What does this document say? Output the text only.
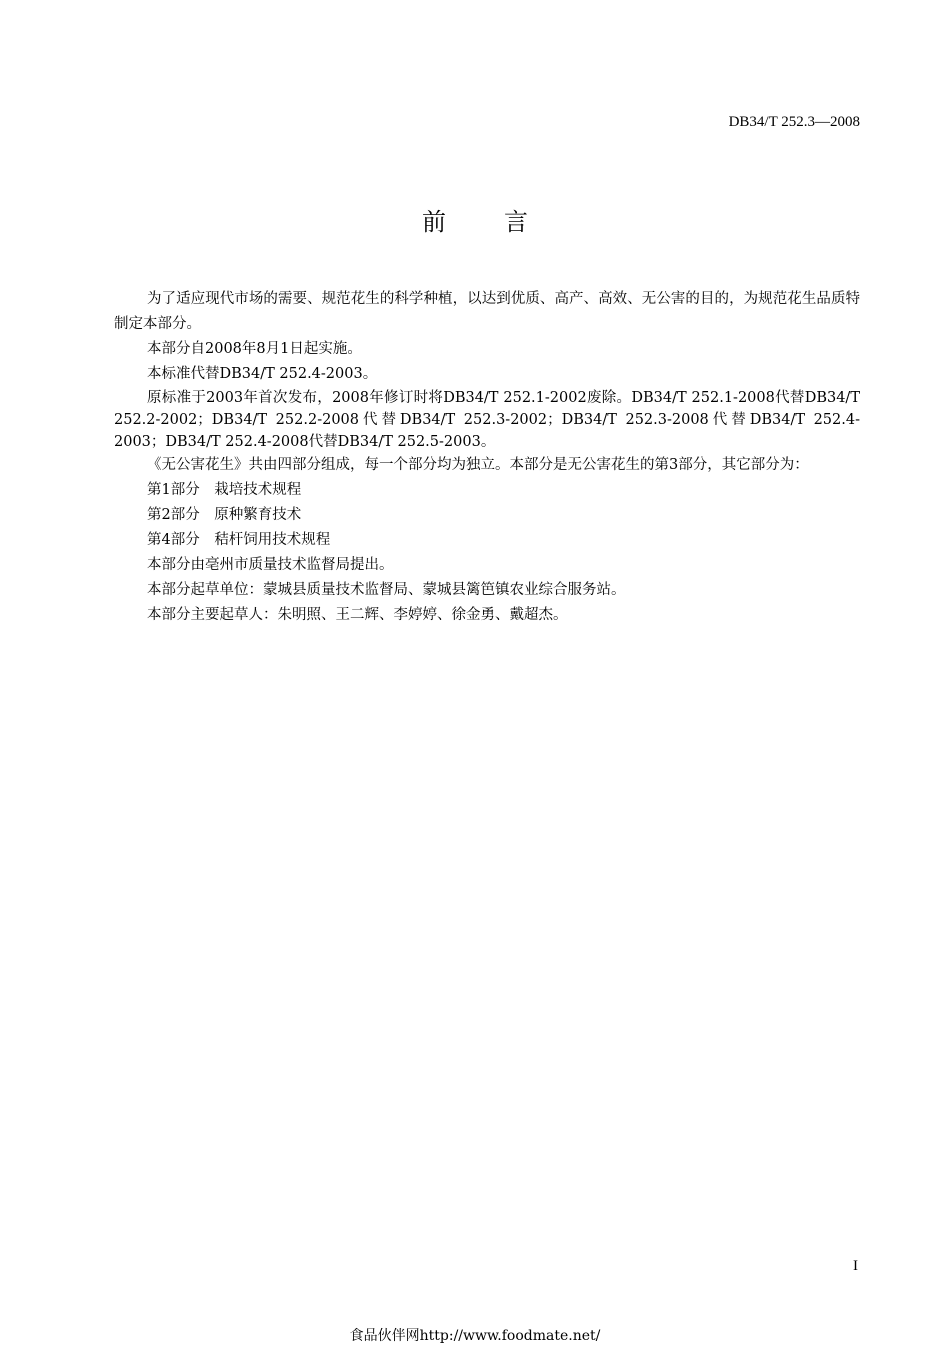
DB34/T 252.3—2008
前言

为了适应现代市场的需要、规范花生的科学种植，以达到优质、高产、高效、无公害的目的，为规范花生品质特制定本部分。

本部分自2008年8月1日起实施。

本标准代替DB34/T 252.4-2003。

原标准于2003年首次发布，2008年修订时将DB34/T 252.1-2002废除。DB34/T 252.1-2008代替DB34/T 252.2-2002；DB34/T 252.2-2008代替DB34/T 252.3-2002；DB34/T 252.3-2008代替DB34/T 252.4-2003；DB34/T 252.4-2008代替DB34/T 252.5-2003。

《无公害花生》共由四部分组成，每一个部分均为独立。本部分是无公害花生的第3部分，其它部分为：

第1部分　栽培技术规程

第2部分　原种繁育技术

第4部分　秸杆饲用技术规程

本部分由亳州市质量技术监督局提出。

本部分起草单位：蒙城县质量技术监督局、蒙城县篱笆镇农业综合服务站。

本部分主要起草人：朱明照、王二辉、李婷婷、徐金勇、戴超杰。

I
食品伙伴网http://www.foodmate.net/
